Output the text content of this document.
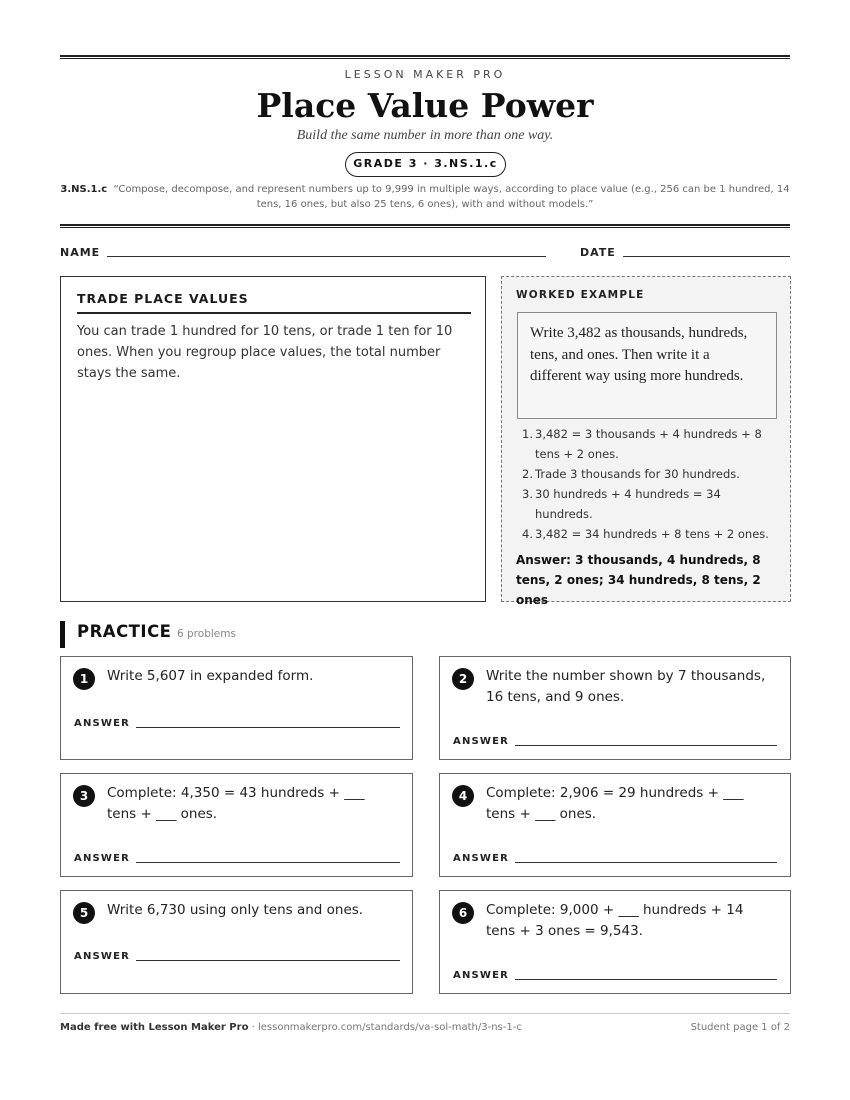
LESSON MAKER PRO
Place Value Power
Build the same number in more than one way.
GRADE 3 · 3.NS.1.c
3.NS.1.c “Compose, decompose, and represent numbers up to 9,999 in multiple ways, according to place value (e.g., 256 can be 1 hundred, 14 tens, 16 ones, but also 25 tens, 6 ones), with and without models.”
NAME	DATE
TRADE PLACE VALUES

You can trade 1 hundred for 10 tens, or trade 1 ten for 10 ones. When you regroup place values, the total number stays the same.

WORKED EXAMPLE
Write 3,482 as thousands, hundreds, tens, and ones. Then write it a different way using more hundreds.
1. 3,482 = 3 thousands + 4 hundreds + 8 tens + 2 ones.
2. Trade 3 thousands for 30 hundreds.
3. 30 hundreds + 4 hundreds = 34 hundreds.
4. 3,482 = 34 hundreds + 8 tens + 2 ones.
Answer: 3 thousands, 4 hundreds, 8 tens, 2 ones; 34 hundreds, 8 tens, 2 ones
PRACTICE 6 problems
1	Write 5,607 in expanded form.
ANSWER
2	Write the number shown by 7 thousands, 16 tens, and 9 ones.
ANSWER
3	Complete: 4,350 = 43 hundreds + ___ tens + ___ ones.
ANSWER
4	Complete: 2,906 = 29 hundreds + ___ tens + ___ ones.
ANSWER
5	Write 6,730 using only tens and ones.
ANSWER
6	Complete: 9,000 + ___ hundreds + 14 tens + 3 ones = 9,543.
ANSWER
Made free with Lesson Maker Pro · lessonmakerpro.com/standards/va-sol-math/3-ns-1-c	Student page 1 of 2
